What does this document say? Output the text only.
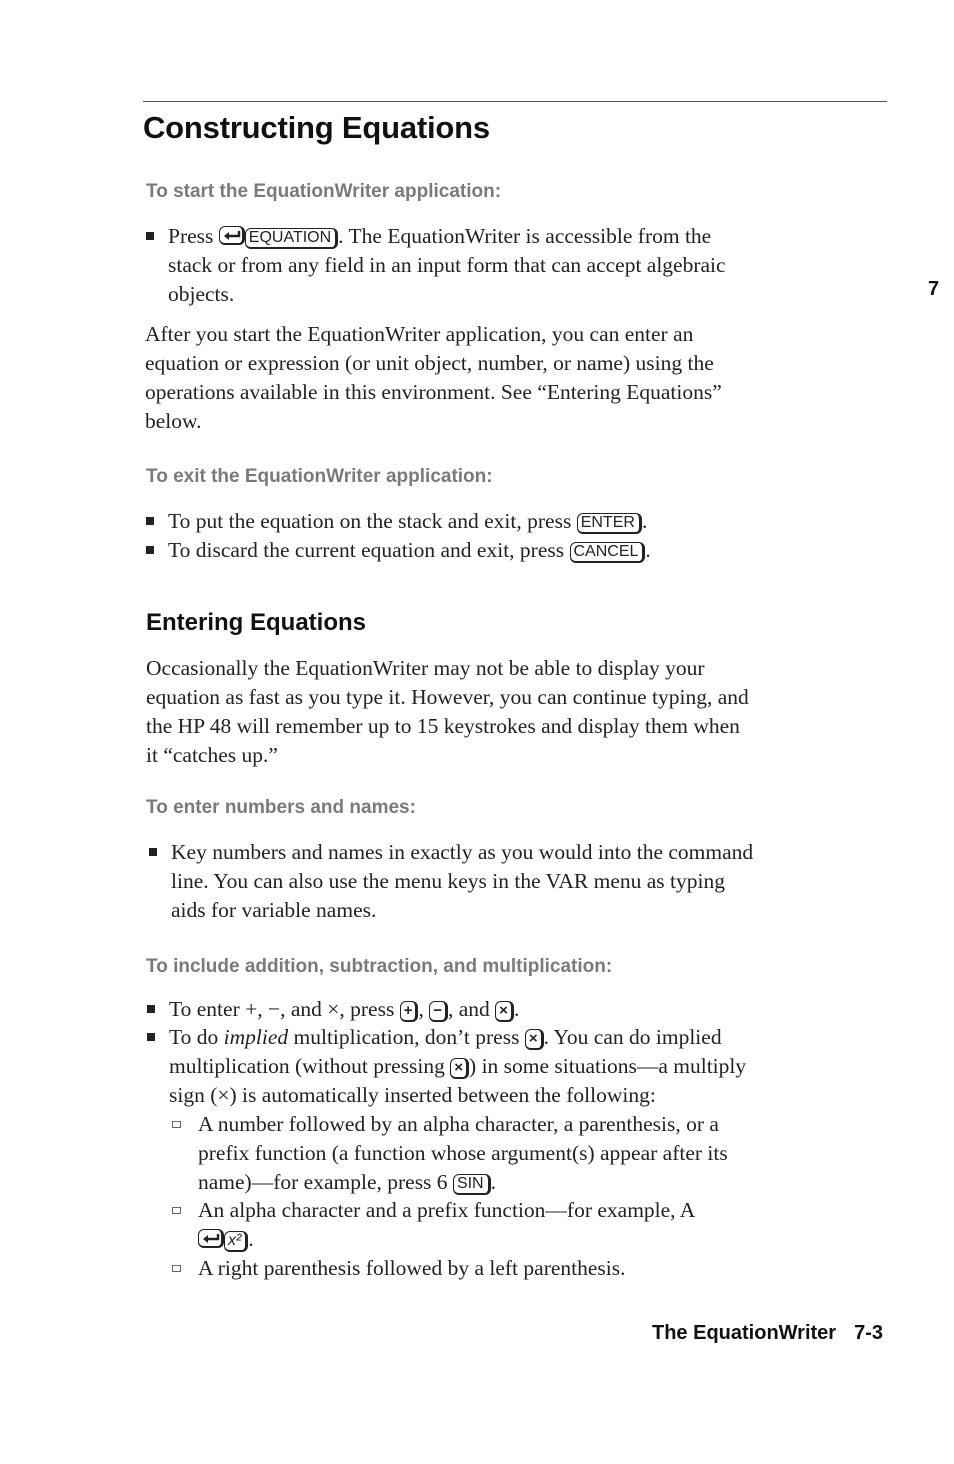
Constructing Equations
7
To start the EquationWriter application:
Press EQUATION . The EquationWriter is accessible from the
stack or from any field in an input form that can accept algebraic
objects.
After you start the EquationWriter application, you can enter an
equation or expression (or unit object, number, or name) using the
operations available in this environment. See “Entering Equations”
below.
To exit the EquationWriter application:
To put the equation on the stack and exit, press ENTER .
To discard the current equation and exit, press CANCEL .
Entering Equations
Occasionally the EquationWriter may not be able to display your
equation as fast as you type it. However, you can continue typing, and
the HP 48 will remember up to 15 keystrokes and display them when
it “catches up.”
To enter numbers and names:
Key numbers and names in exactly as you would into the command
line. You can also use the menu keys in the VAR menu as typing
aids for variable names.
To include addition, subtraction, and multiplication:
To enter +, −, and ×, press + , − , and × .
To do implied multiplication, don’t press × . You can do implied
multiplication (without pressing × ) in some situations—a multiply
sign (×) is automatically inserted between the following:
A number followed by an alpha character, a parenthesis, or a
prefix function (a function whose argument(s) appear after its
name)—for example, press 6 SIN .
An alpha character and a prefix function—for example, A

x² .
A right parenthesis followed by a left parenthesis.
The EquationWriter 7-3
